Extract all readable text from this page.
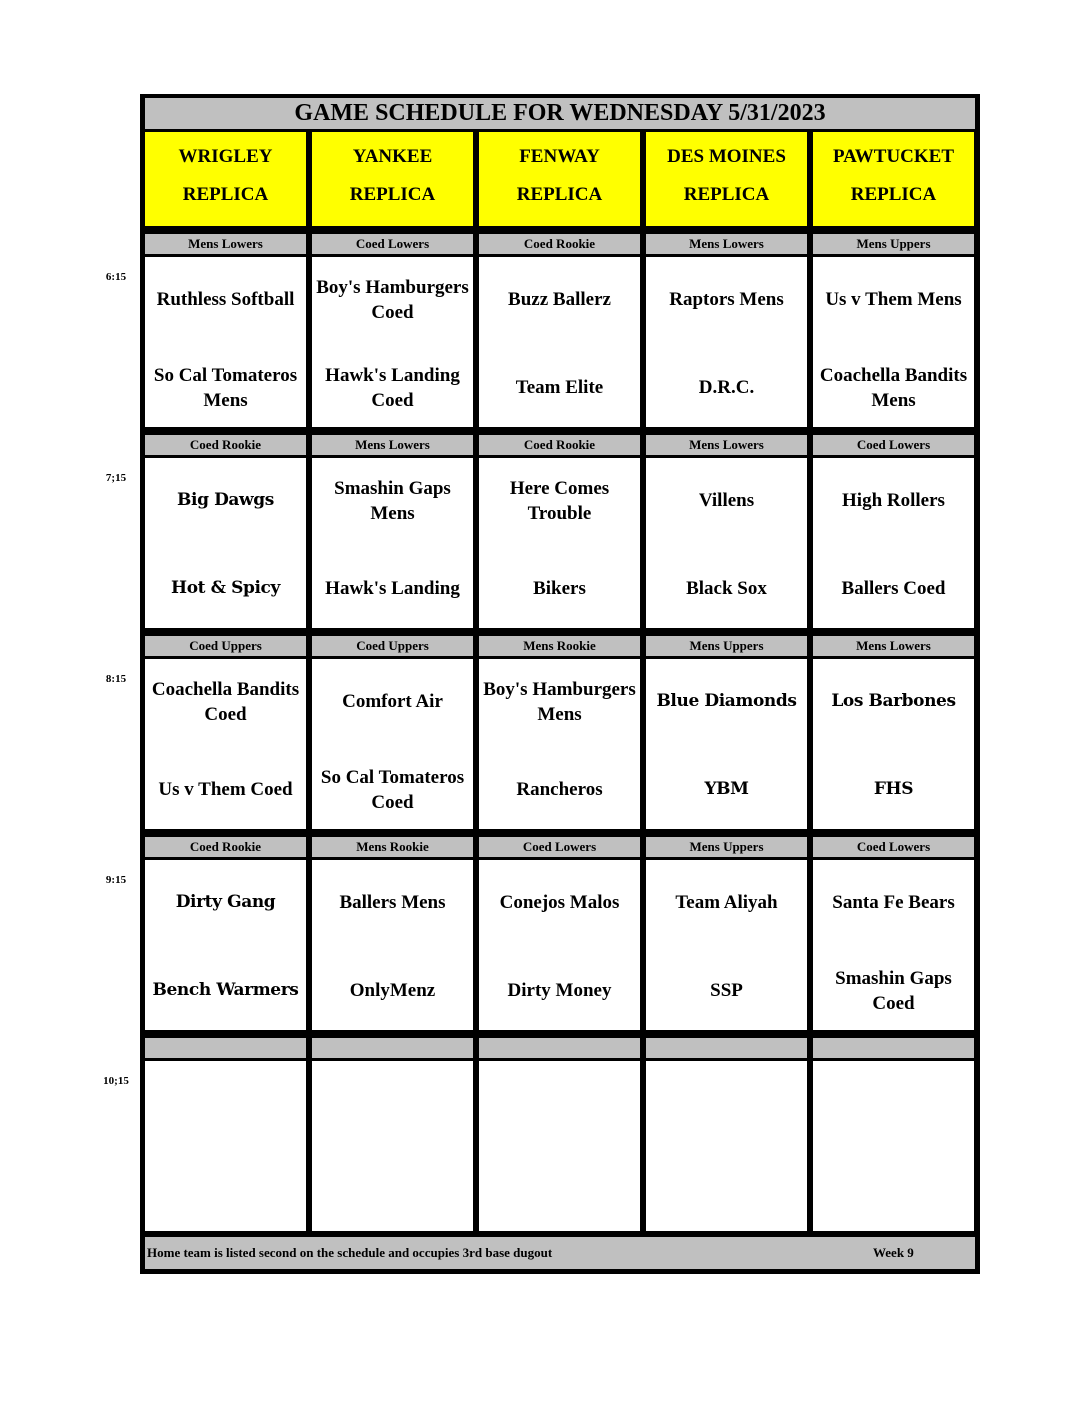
GAME SCHEDULE FOR WEDNESDAY 5/31/2023
WRIGLEY
REPLICA
YANKEE
REPLICA
FENWAY
REPLICA
DES MOINES
REPLICA
PAWTUCKET
REPLICA
Mens Lowers
Ruthless Softball
So Cal Tomateros Mens
Coed Lowers
Boy's Hamburgers Coed
Hawk's Landing Coed
Coed Rookie
Buzz Ballerz
Team Elite
Mens Lowers
Raptors Mens
D.R.C.
Mens Uppers
Us v Them Mens
Coachella Bandits Mens
Coed Rookie
Big Dawgs
Hot & Spicy
Mens Lowers
Smashin Gaps Mens
Hawk's Landing
Coed Rookie
Here Comes Trouble
Bikers
Mens Lowers
Villens
Black Sox
Coed Lowers
High Rollers
Ballers Coed
Coed Uppers
Coachella Bandits Coed
Us v Them Coed
Coed Uppers
Comfort Air
So Cal Tomateros Coed
Mens Rookie
Boy's Hamburgers Mens
Rancheros
Mens Uppers
Blue Diamonds
YBM
Mens Lowers
Los Barbones
FHS
Coed Rookie
Dirty Gang
Bench Warmers
Mens Rookie
Ballers Mens
OnlyMenz
Coed Lowers
Conejos Malos
Dirty Money
Mens Uppers
Team Aliyah
SSP
Coed Lowers
Santa Fe Bears
Smashin Gaps Coed
Home team is listed second on the schedule and occupies 3rd base dugout	Week 9
6:15
7;15
8:15
9:15
10;15
